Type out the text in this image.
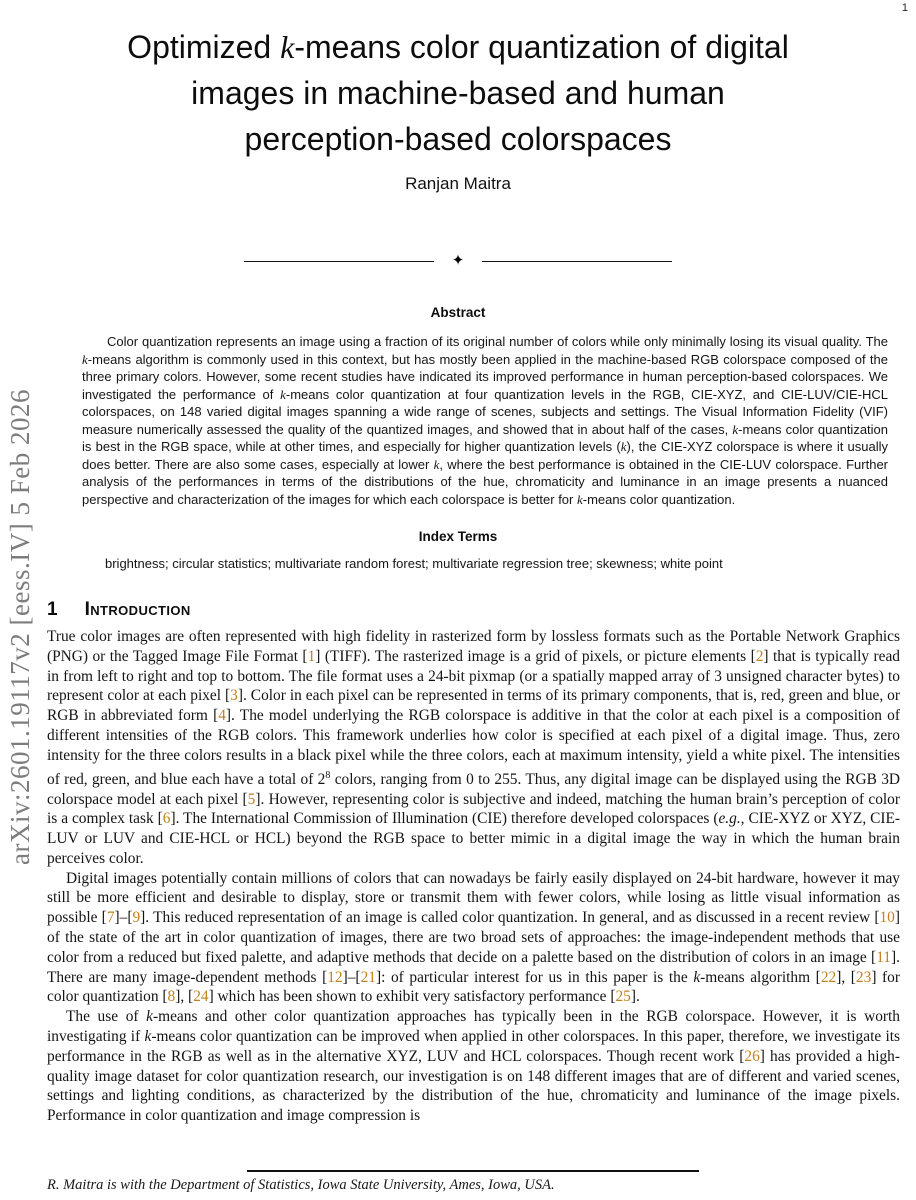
1
arXiv:2601.19117v2 [eess.IV] 5 Feb 2026
Optimized k-means color quantization of digital
images in machine-based and human
perception-based colorspaces
Ranjan Maitra
✦
Abstract
Color quantization represents an image using a fraction of its original number of colors while only minimally losing its visual quality. The k-means algorithm is commonly used in this context, but has mostly been applied in the machine-based RGB colorspace composed of the three primary colors. However, some recent studies have indicated its improved performance in human perception-based colorspaces. We investigated the performance of k-means color quantization at four quantization levels in the RGB, CIE-XYZ, and CIE-LUV/CIE-HCL colorspaces, on 148 varied digital images spanning a wide range of scenes, subjects and settings. The Visual Information Fidelity (VIF) measure numerically assessed the quality of the quantized images, and showed that in about half of the cases, k-means color quantization is best in the RGB space, while at other times, and especially for higher quantization levels (k), the CIE-XYZ colorspace is where it usually does better. There are also some cases, especially at lower k, where the best performance is obtained in the CIE-LUV colorspace. Further analysis of the performances in terms of the distributions of the hue, chromaticity and luminance in an image presents a nuanced perspective and characterization of the images for which each colorspace is better for k-means color quantization.
Index Terms
brightness; circular statistics; multivariate random forest; multivariate regression tree; skewness; white point
1 Introduction

True color images are often represented with high fidelity in rasterized form by lossless formats such as the Portable Network Graphics (PNG) or the Tagged Image File Format [1] (TIFF). The rasterized image is a grid of pixels, or picture elements [2] that is typically read in from left to right and top to bottom. The file format uses a 24-bit pixmap (or a spatially mapped array of 3 unsigned character bytes) to represent color at each pixel [3]. Color in each pixel can be represented in terms of its primary components, that is, red, green and blue, or RGB in abbreviated form [4]. The model underlying the RGB colorspace is additive in that the color at each pixel is a composition of different intensities of the RGB colors. This framework underlies how color is specified at each pixel of a digital image. Thus, zero intensity for the three colors results in a black pixel while the three colors, each at maximum intensity, yield a white pixel. The intensities of red, green, and blue each have a total of $2^8$ colors, ranging from 0 to 255. Thus, any digital image can be displayed using the RGB 3D colorspace model at each pixel [5]. However, representing color is subjective and indeed, matching the human brain’s perception of color is a complex task [6]. The International Commission of Illumination (CIE) therefore developed colorspaces (e.g., CIE-XYZ or XYZ, CIE-LUV or LUV and CIE-HCL or HCL) beyond the RGB space to better mimic in a digital image the way in which the human brain perceives color.

Digital images potentially contain millions of colors that can nowadays be fairly easily displayed on 24-bit hardware, however it may still be more efficient and desirable to display, store or transmit them with fewer colors, while losing as little visual information as possible [7]–[9]. This reduced representation of an image is called color quantization. In general, and as discussed in a recent review [10] of the state of the art in color quantization of images, there are two broad sets of approaches: the image-independent methods that use color from a reduced but fixed palette, and adaptive methods that decide on a palette based on the distribution of colors in an image [11]. There are many image-dependent methods [12]–[21]: of particular interest for us in this paper is the k-means algorithm [22], [23] for color quantization [8], [24] which has been shown to exhibit very satisfactory performance [25].

The use of k-means and other color quantization approaches has typically been in the RGB colorspace. However, it is worth investigating if k-means color quantization can be improved when applied in other colorspaces. In this paper, therefore, we investigate its performance in the RGB as well as in the alternative XYZ, LUV and HCL colorspaces. Though recent work [26] has provided a high-quality image dataset for color quantization research, our investigation is on 148 different images that are of different and varied scenes, settings and lighting conditions, as characterized by the distribution of the hue, chromaticity and luminance of the image pixels. Performance in color quantization and image compression is

R. Maitra is with the Department of Statistics, Iowa State University, Ames, Iowa, USA.
